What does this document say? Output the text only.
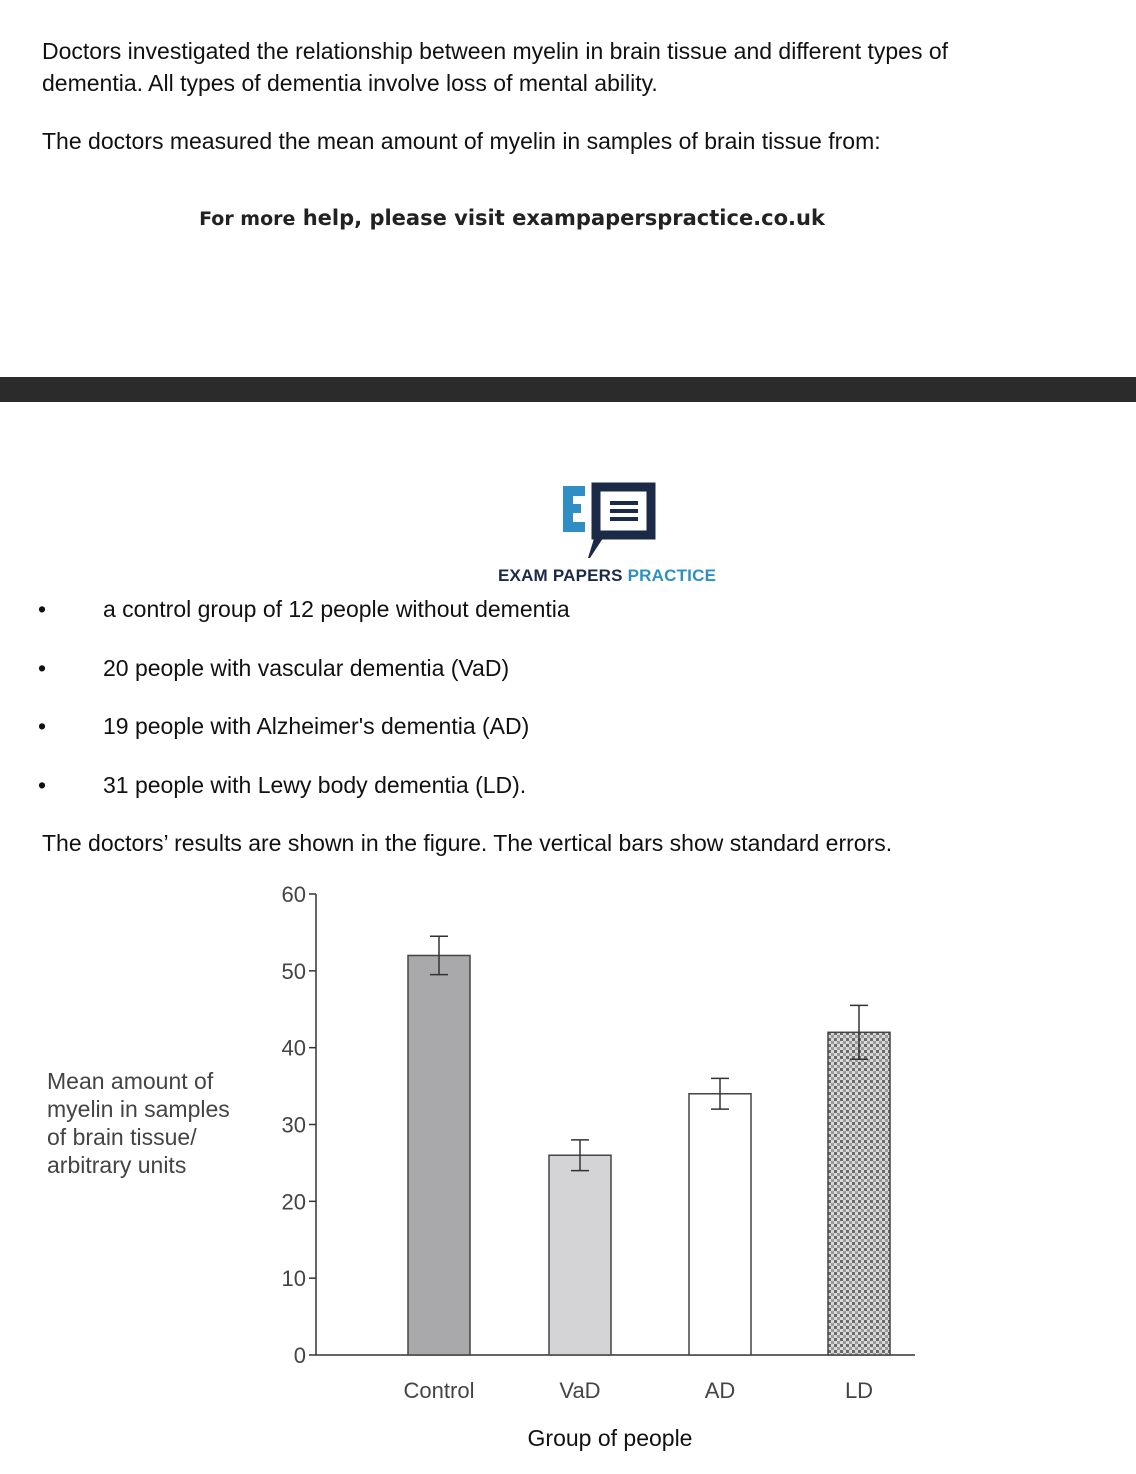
Doctors investigated the relationship between myelin in brain tissue and different types of
dementia. All types of dementia involve loss of mental ability.
The doctors measured the mean amount of myelin in samples of brain tissue from:
For more help, please visit exampaperspractice.co.uk
EXAM PAPERS PRACTICE
• a control group of 12 people without dementia
• 20 people with vascular dementia (VaD)
• 19 people with Alzheimer's dementia (AD)
• 31 people with Lewy body dementia (LD).
The doctors’ results are shown in the figure. The vertical bars show standard errors.
0
10
20
30
40
50
60
Control	VaD	AD	LD
Mean amount of
myelin in samples
of brain tissue/
arbitrary units
Group of people
